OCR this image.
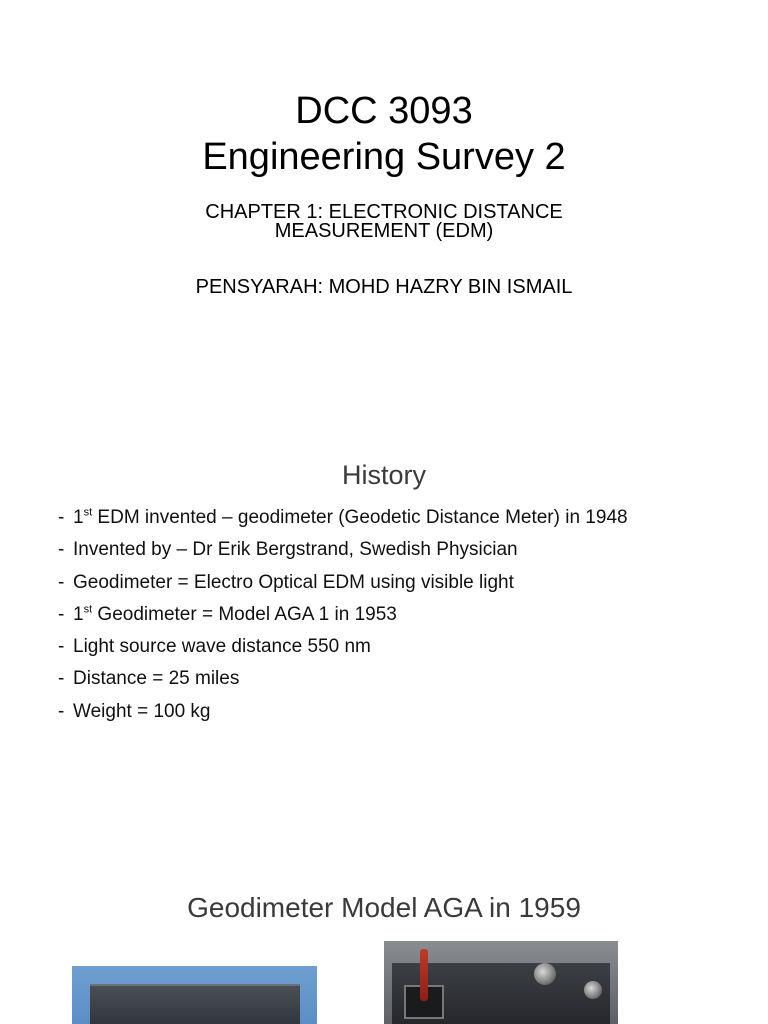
DCC 3093
Engineering Survey 2
CHAPTER 1: ELECTRONIC DISTANCE
MEASUREMENT (EDM)
PENSYARAH: MOHD HAZRY BIN ISMAIL
History
- 1st EDM invented – geodimeter (Geodetic Distance Meter) in 1948
- Invented by – Dr Erik Bergstrand, Swedish Physician
- Geodimeter = Electro Optical EDM using visible light
- 1st Geodimeter = Model AGA 1 in 1953
- Light source wave distance 550 nm
- Distance = 25 miles
- Weight = 100 kg
Geodimeter Model AGA in 1959
